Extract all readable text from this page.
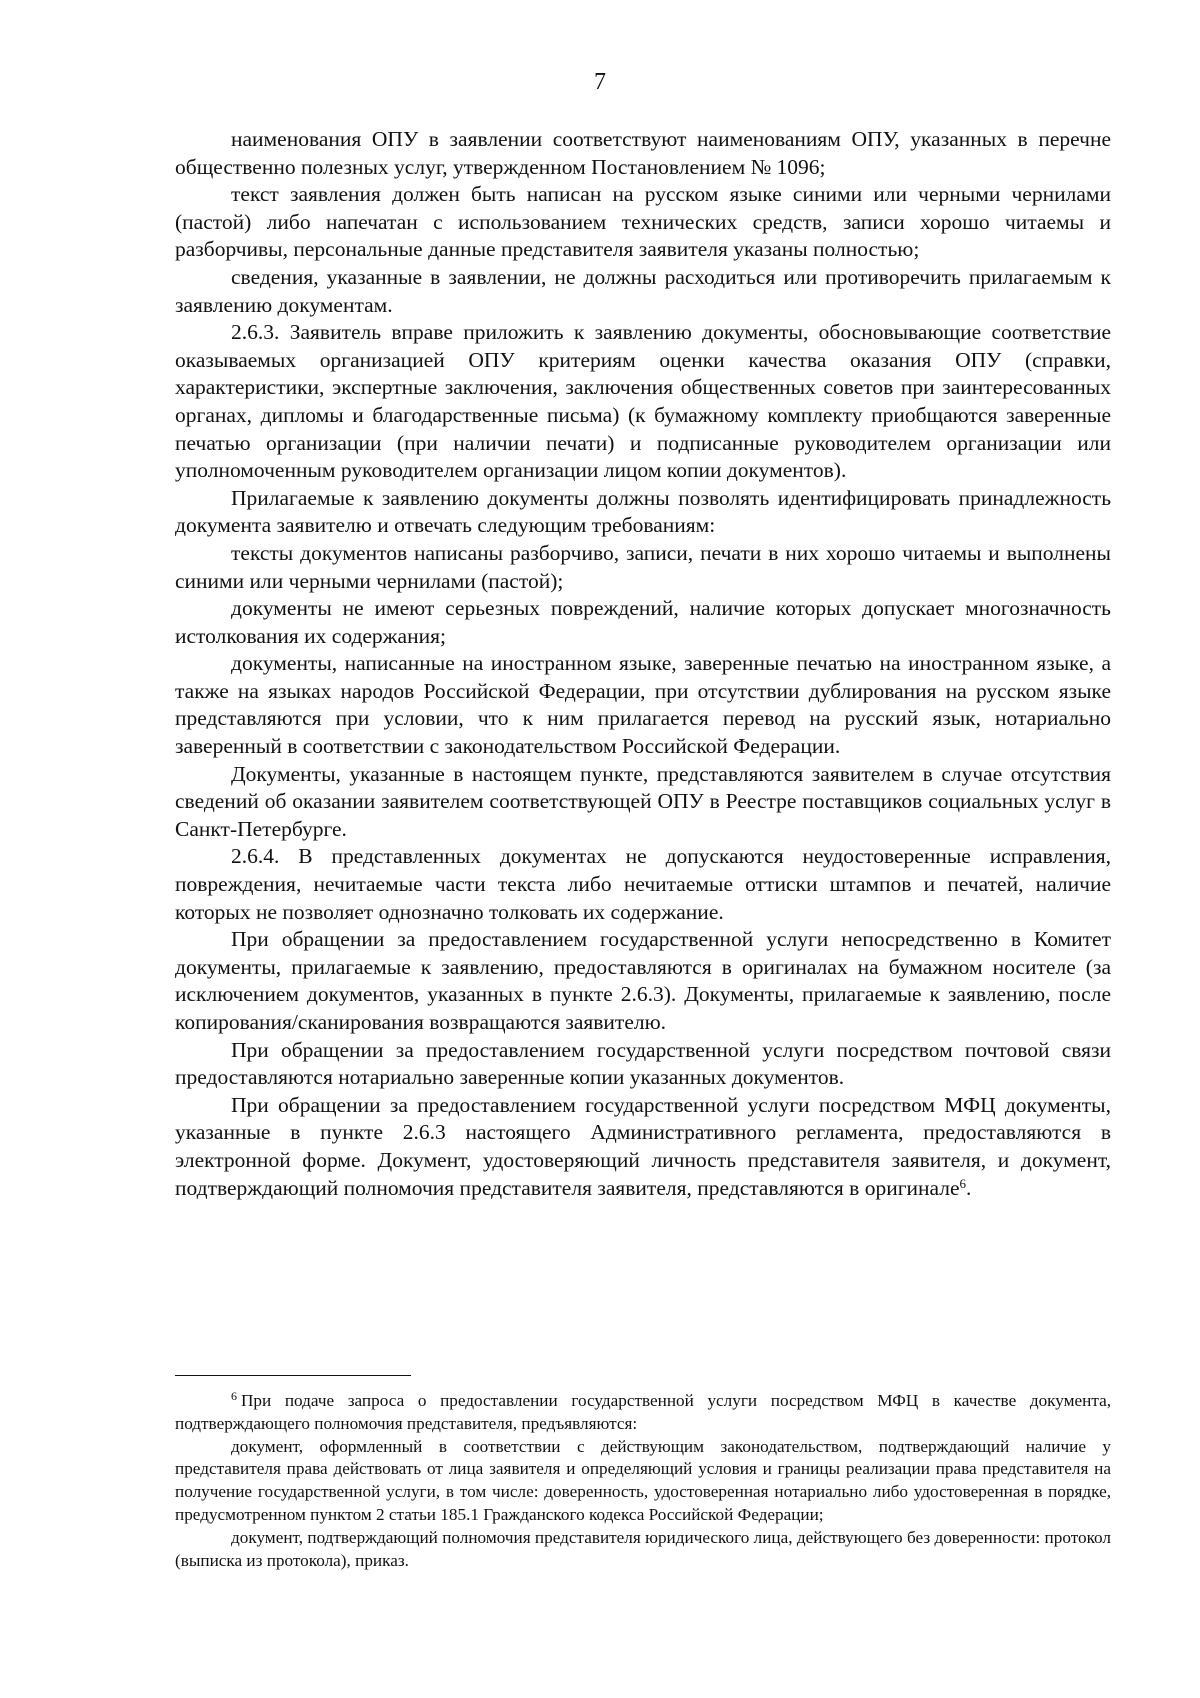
7

наименования ОПУ в заявлении соответствуют наименованиям ОПУ, указанных в перечне общественно полезных услуг, утвержденном Постановлением № 1096;

текст заявления должен быть написан на русском языке синими или черными чернилами (пастой) либо напечатан с использованием технических средств, записи хорошо читаемы и разборчивы, персональные данные представителя заявителя указаны полностью;

сведения, указанные в заявлении, не должны расходиться или противоречить прилагаемым к заявлению документам.

2.6.3. Заявитель вправе приложить к заявлению документы, обосновывающие соответствие оказываемых организацией ОПУ критериям оценки качества оказания ОПУ (справки, характеристики, экспертные заключения, заключения общественных советов при заинтересованных органах, дипломы и благодарственные письма) (к бумажному комплекту приобщаются заверенные печатью организации (при наличии печати) и подписанные руководителем организации или уполномоченным руководителем организации лицом копии документов).

Прилагаемые к заявлению документы должны позволять идентифицировать принадлежность документа заявителю и отвечать следующим требованиям:

тексты документов написаны разборчиво, записи, печати в них хорошо читаемы и выполнены синими или черными чернилами (пастой);

документы не имеют серьезных повреждений, наличие которых допускает многозначность истолкования их содержания;

документы, написанные на иностранном языке, заверенные печатью на иностранном языке, а также на языках народов Российской Федерации, при отсутствии дублирования на русском языке представляются при условии, что к ним прилагается перевод на русский язык, нотариально заверенный в соответствии с законодательством Российской Федерации.

Документы, указанные в настоящем пункте, представляются заявителем в случае отсутствия сведений об оказании заявителем соответствующей ОПУ в Реестре поставщиков социальных услуг в Санкт-Петербурге.

2.6.4. В представленных документах не допускаются неудостоверенные исправления, повреждения, нечитаемые части текста либо нечитаемые оттиски штампов и печатей, наличие которых не позволяет однозначно толковать их содержание.

При обращении за предоставлением государственной услуги непосредственно в Комитет документы, прилагаемые к заявлению, предоставляются в оригиналах на бумажном носителе (за исключением документов, указанных в пункте 2.6.3). Документы, прилагаемые к заявлению, после копирования/сканирования возвращаются заявителю.

При обращении за предоставлением государственной услуги посредством почтовой связи предоставляются нотариально заверенные копии указанных документов.

При обращении за предоставлением государственной услуги посредством МФЦ документы, указанные в пункте 2.6.3 настоящего Административного регламента, предоставляются в электронной форме. Документ, удостоверяющий личность представителя заявителя, и документ, подтверждающий полномочия представителя заявителя, представляются в оригинале$^6$.

$^6$ При подаче запроса о предоставлении государственной услуги посредством МФЦ в качестве документа, подтверждающего полномочия представителя, предъявляются:

документ, оформленный в соответствии с действующим законодательством, подтверждающий наличие у представителя права действовать от лица заявителя и определяющий условия и границы реализации права представителя на получение государственной услуги, в том числе: доверенность, удостоверенная нотариально либо удостоверенная в порядке, предусмотренном пунктом 2 статьи 185.1 Гражданского кодекса Российской Федерации;

документ, подтверждающий полномочия представителя юридического лица, действующего без доверенности: протокол (выписка из протокола), приказ.
